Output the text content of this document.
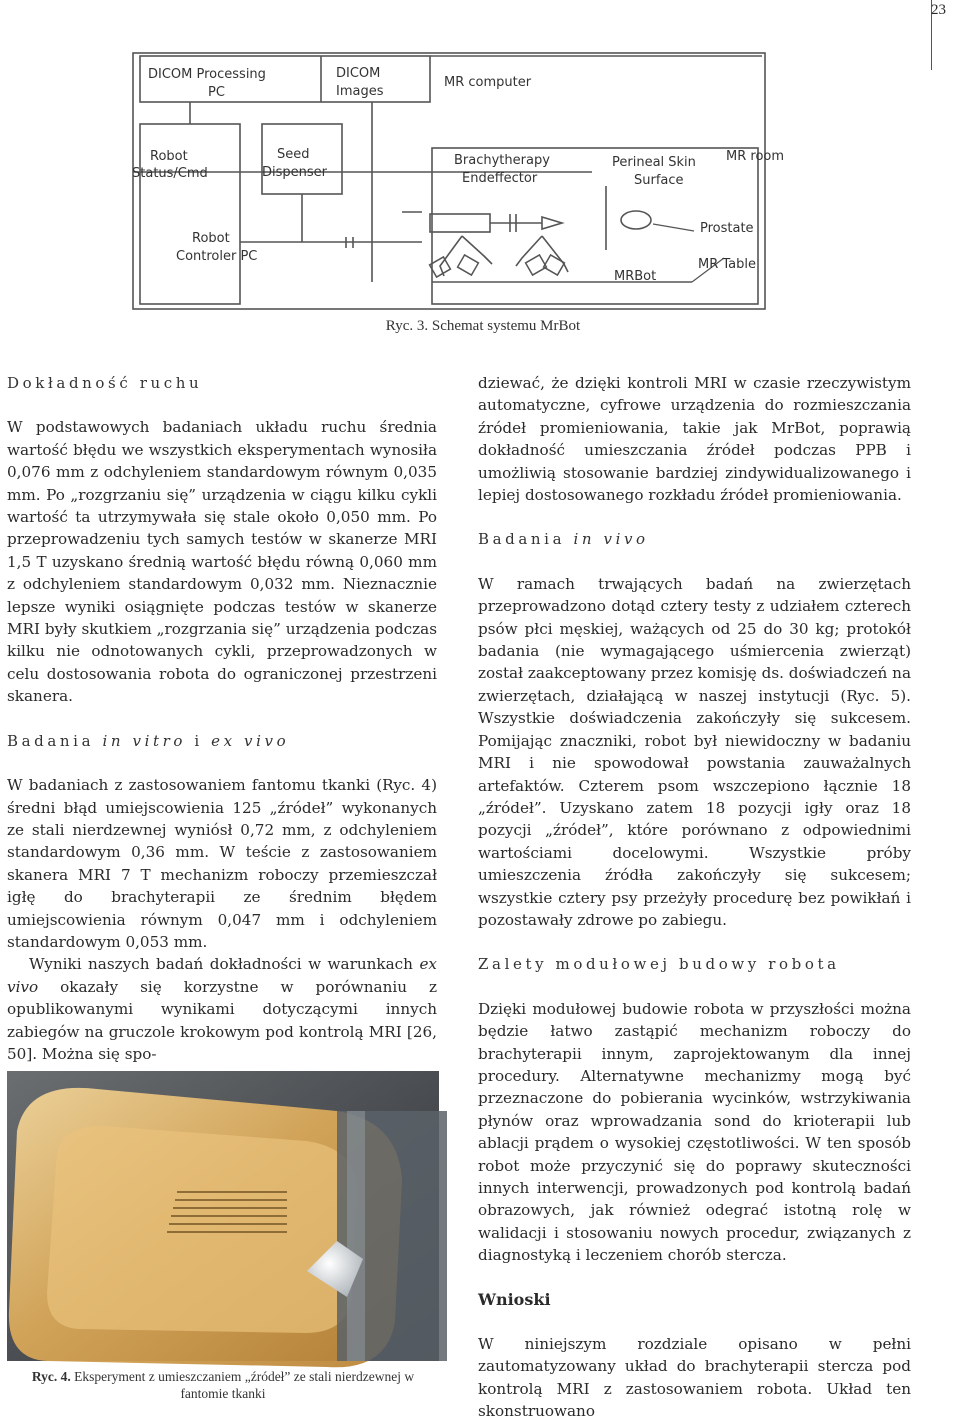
23
DICOM Processing
PC
DICOM
Images
MR computer
Robot
Status/Cmd
Seed
Dispenser
Brachytherapy
Endeffector
Perineal Skin
Surface
MR room
Robot
Controler PC
Prostate
MRBot
MR Table
Ryc. 3. Schemat systemu MrBot

Dokładność ruchu

W podstawowych badaniach układu ruchu średnia wartość błędu we wszystkich eksperymentach wynosiła 0,076 mm z odchyleniem standardowym równym 0,035 mm. Po „rozgrzaniu się” urządzenia w ciągu kilku cykli wartość ta utrzymywała się stale około 0,050 mm. Po przeprowadzeniu tych samych testów w skanerze MRI 1,5 T uzyskano średnią wartość błędu równą 0,060 mm z odchyleniem standardowym 0,032 mm. Nieznacznie lepsze wyniki osiągnięte podczas testów w skanerze MRI były skutkiem „rozgrzania się” urządzenia podczas kilku nie odnotowanych cykli, przeprowadzonych w celu dostosowania robota do ograniczonej przestrzeni skanera.

Badania in vitro i ex vivo

W badaniach z zastosowaniem fantomu tkanki (Ryc. 4) średni błąd umiejscowienia 125 „źródeł” wykonanych ze stali nierdzewnej wyniósł 0,72 mm, z odchyleniem standardowym 0,36 mm. W teście z zastosowaniem skanera MRI 7 T mechanizm roboczy przemieszczał igłę do brachyterapii ze średnim błędem umiejscowienia równym 0,047 mm i odchyleniem standardowym 0,053 mm.

Wyniki naszych badań dokładności w warunkach ex vivo okazały się korzystne w porównaniu z opublikowanymi wynikami dotyczącymi innych zabiegów na gruczole krokowym pod kontrolą MRI [26, 50]. Można się spo-

Ryc. 4. Eksperyment z umieszczaniem „źródeł” ze stali nierdzewnej w fantomie tkanki

dziewać, że dzięki kontroli MRI w czasie rzeczywistym automatyczne, cyfrowe urządzenia do rozmieszczania źródeł promieniowania, takie jak MrBot, poprawią dokładność umieszczania źródeł podczas PPB i umożliwią stosowanie bardziej zindywidualizowanego i lepiej dostosowanego rozkładu źródeł promieniowania.

Badania in vivo

W ramach trwających badań na zwierzętach przeprowadzono dotąd cztery testy z udziałem czterech psów płci męskiej, ważących od 25 do 30 kg; protokół badania (nie wymagającego uśmiercenia zwierząt) został zaakceptowany przez komisję ds. doświadczeń na zwierzętach, działającą w naszej instytucji (Ryc. 5). Wszystkie doświadczenia zakończyły się sukcesem. Pomijając znaczniki, robot był niewidoczny w badaniu MRI i nie spowodował powstania zauważalnych artefaktów. Czterem psom wszczepiono łącznie 18 „źródeł”. Uzyskano zatem 18 pozycji igły oraz 18 pozycji „źródeł”, które porównano z odpowiednimi wartościami docelowymi. Wszystkie próby umieszczenia źródła zakończyły się sukcesem; wszystkie cztery psy przeżyły procedurę bez powikłań i pozostawały zdrowe po zabiegu.

Zalety modułowej budowy robota

Dzięki modułowej budowie robota w przyszłości można będzie łatwo zastąpić mechanizm roboczy do brachyterapii innym, zaprojektowanym dla innej procedury. Alternatywne mechanizmy mogą być przeznaczone do pobierania wycinków, wstrzykiwania płynów oraz wprowadzania sond do krioterapii lub ablacji prądem o wysokiej częstotliwości. W ten sposób robot może przyczynić się do poprawy skuteczności innych interwencji, prowadzonych pod kontrolą badań obrazowych, jak również odegrać istotną rolę w walidacji i stosowaniu nowych procedur, związanych z diagnostyką i leczeniem chorób stercza.

Wnioski

W niniejszym rozdziale opisano w pełni zautomatyzowany układ do brachyterapii stercza pod kontrolą MRI z zastosowaniem robota. Układ ten skonstruowano
